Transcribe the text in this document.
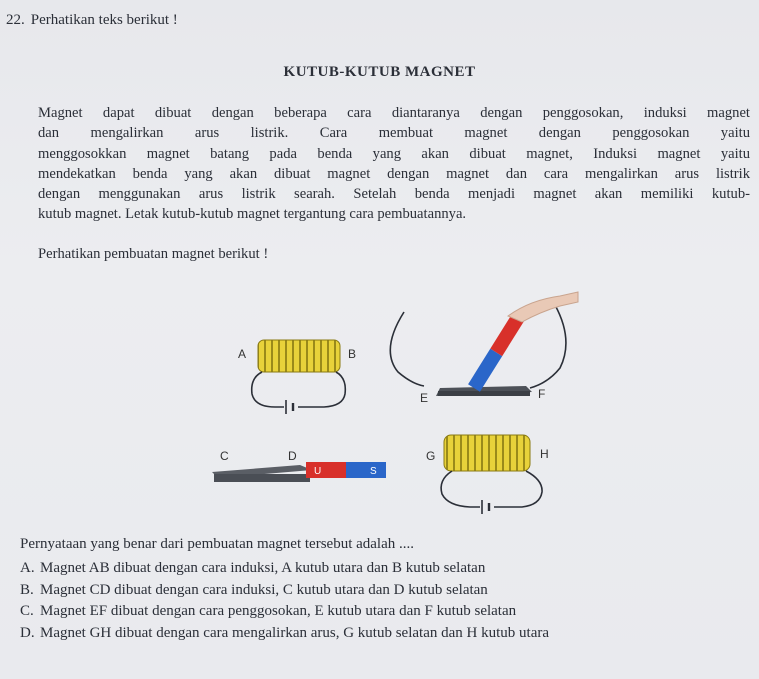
22. Perhatikan teks berikut !
KUTUB-KUTUB MAGNET
Magnet dapat dibuat dengan beberapa cara diantaranya dengan penggosokan, induksi magnet
dan mengalirkan arus listrik. Cara membuat magnet dengan penggosokan yaitu
menggosokkan magnet batang pada benda yang akan dibuat magnet, Induksi magnet yaitu
mendekatkan benda yang akan dibuat magnet dengan magnet dan cara mengalirkan arus listrik
dengan menggunakan arus listrik searah. Setelah benda menjadi magnet akan memiliki kutub-
kutub magnet. Letak kutub-kutub magnet tergantung cara pembuatannya.
Perhatikan pembuatan magnet berikut !
A	B
E	F
U	S
C	D	G	H
Pernyataan yang benar dari pembuatan magnet tersebut adalah ....
A. Magnet AB dibuat dengan cara induksi, A kutub utara dan B kutub selatan
B. Magnet CD dibuat dengan cara induksi, C kutub utara dan D kutub selatan
C. Magnet EF dibuat dengan cara penggosokan, E kutub utara dan F kutub selatan
D. Magnet GH dibuat dengan cara mengalirkan arus, G kutub selatan dan H kutub utara
